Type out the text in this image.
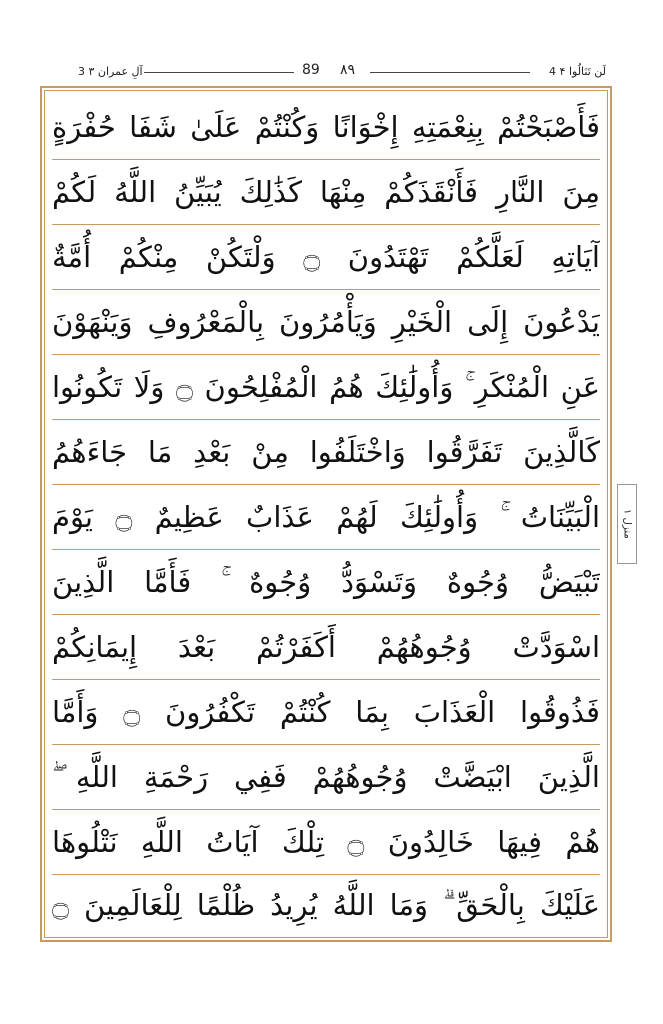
3 آلِ عمران ۳	89 ٨٩	4 لَن تَنَالُوا ۴
منزل ١
فَأَصْبَحْتُمْ بِنِعْمَتِهِ إِخْوَانًا وَكُنْتُمْ عَلَىٰ شَفَا حُفْرَةٍ
مِنَ النَّارِ فَأَنْقَذَكُمْ مِنْهَا كَذَٰلِكَ يُبَيِّنُ اللَّهُ لَكُمْ
آيَاتِهِ لَعَلَّكُمْ تَهْتَدُونَ ۝ وَلْتَكُنْ مِنْكُمْ أُمَّةٌ
يَدْعُونَ إِلَى الْخَيْرِ وَيَأْمُرُونَ بِالْمَعْرُوفِ وَيَنْهَوْنَ
عَنِ الْمُنْكَرِ ۚ وَأُولَٰئِكَ هُمُ الْمُفْلِحُونَ ۝ وَلَا تَكُونُوا
كَالَّذِينَ تَفَرَّقُوا وَاخْتَلَفُوا مِنْ بَعْدِ مَا جَاءَهُمُ
الْبَيِّنَاتُ ۚ وَأُولَٰئِكَ لَهُمْ عَذَابٌ عَظِيمٌ ۝ يَوْمَ
تَبْيَضُّ وُجُوهٌ وَتَسْوَدُّ وُجُوهٌ ۚ فَأَمَّا الَّذِينَ
اسْوَدَّتْ وُجُوهُهُمْ أَكَفَرْتُمْ بَعْدَ إِيمَانِكُمْ
فَذُوقُوا الْعَذَابَ بِمَا كُنْتُمْ تَكْفُرُونَ ۝ وَأَمَّا
الَّذِينَ ابْيَضَّتْ وُجُوهُهُمْ فَفِي رَحْمَةِ اللَّهِ ۖ
هُمْ فِيهَا خَالِدُونَ ۝ تِلْكَ آيَاتُ اللَّهِ نَتْلُوهَا
عَلَيْكَ بِالْحَقِّ ۗ وَمَا اللَّهُ يُرِيدُ ظُلْمًا لِلْعَالَمِينَ ۝
